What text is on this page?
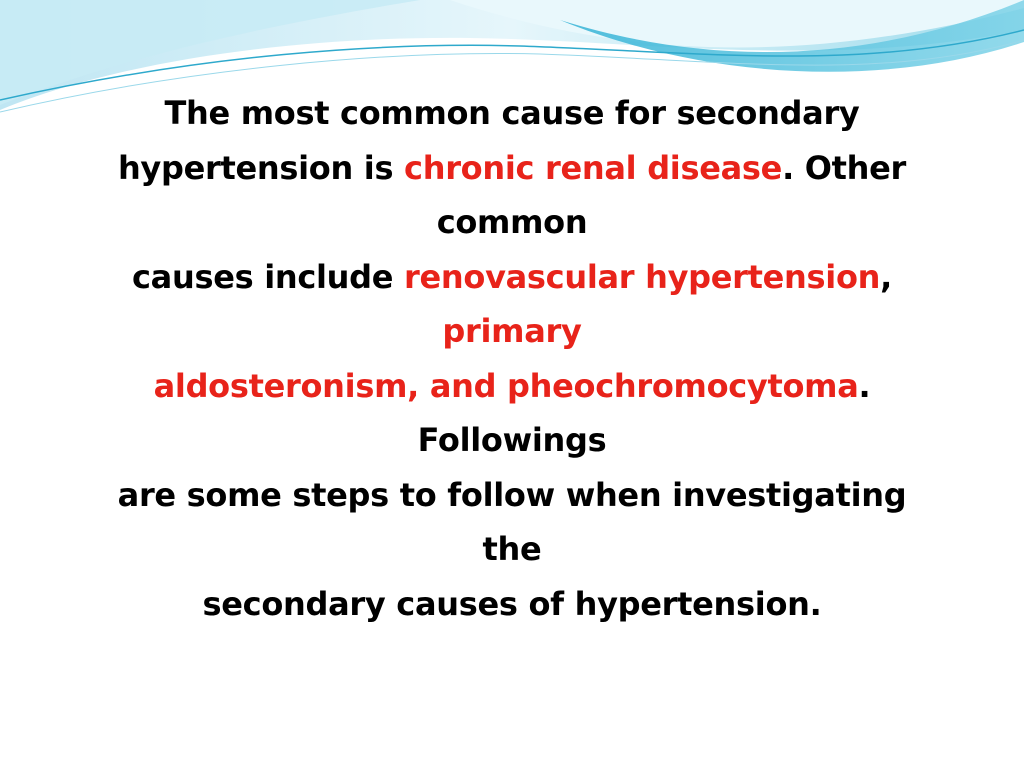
The most common cause for secondary
hypertension is chronic renal disease. Other
common
causes include renovascular hypertension,
primary
aldosteronism, and pheochromocytoma.
Followings
are some steps to follow when investigating
the
secondary causes of hypertension.
